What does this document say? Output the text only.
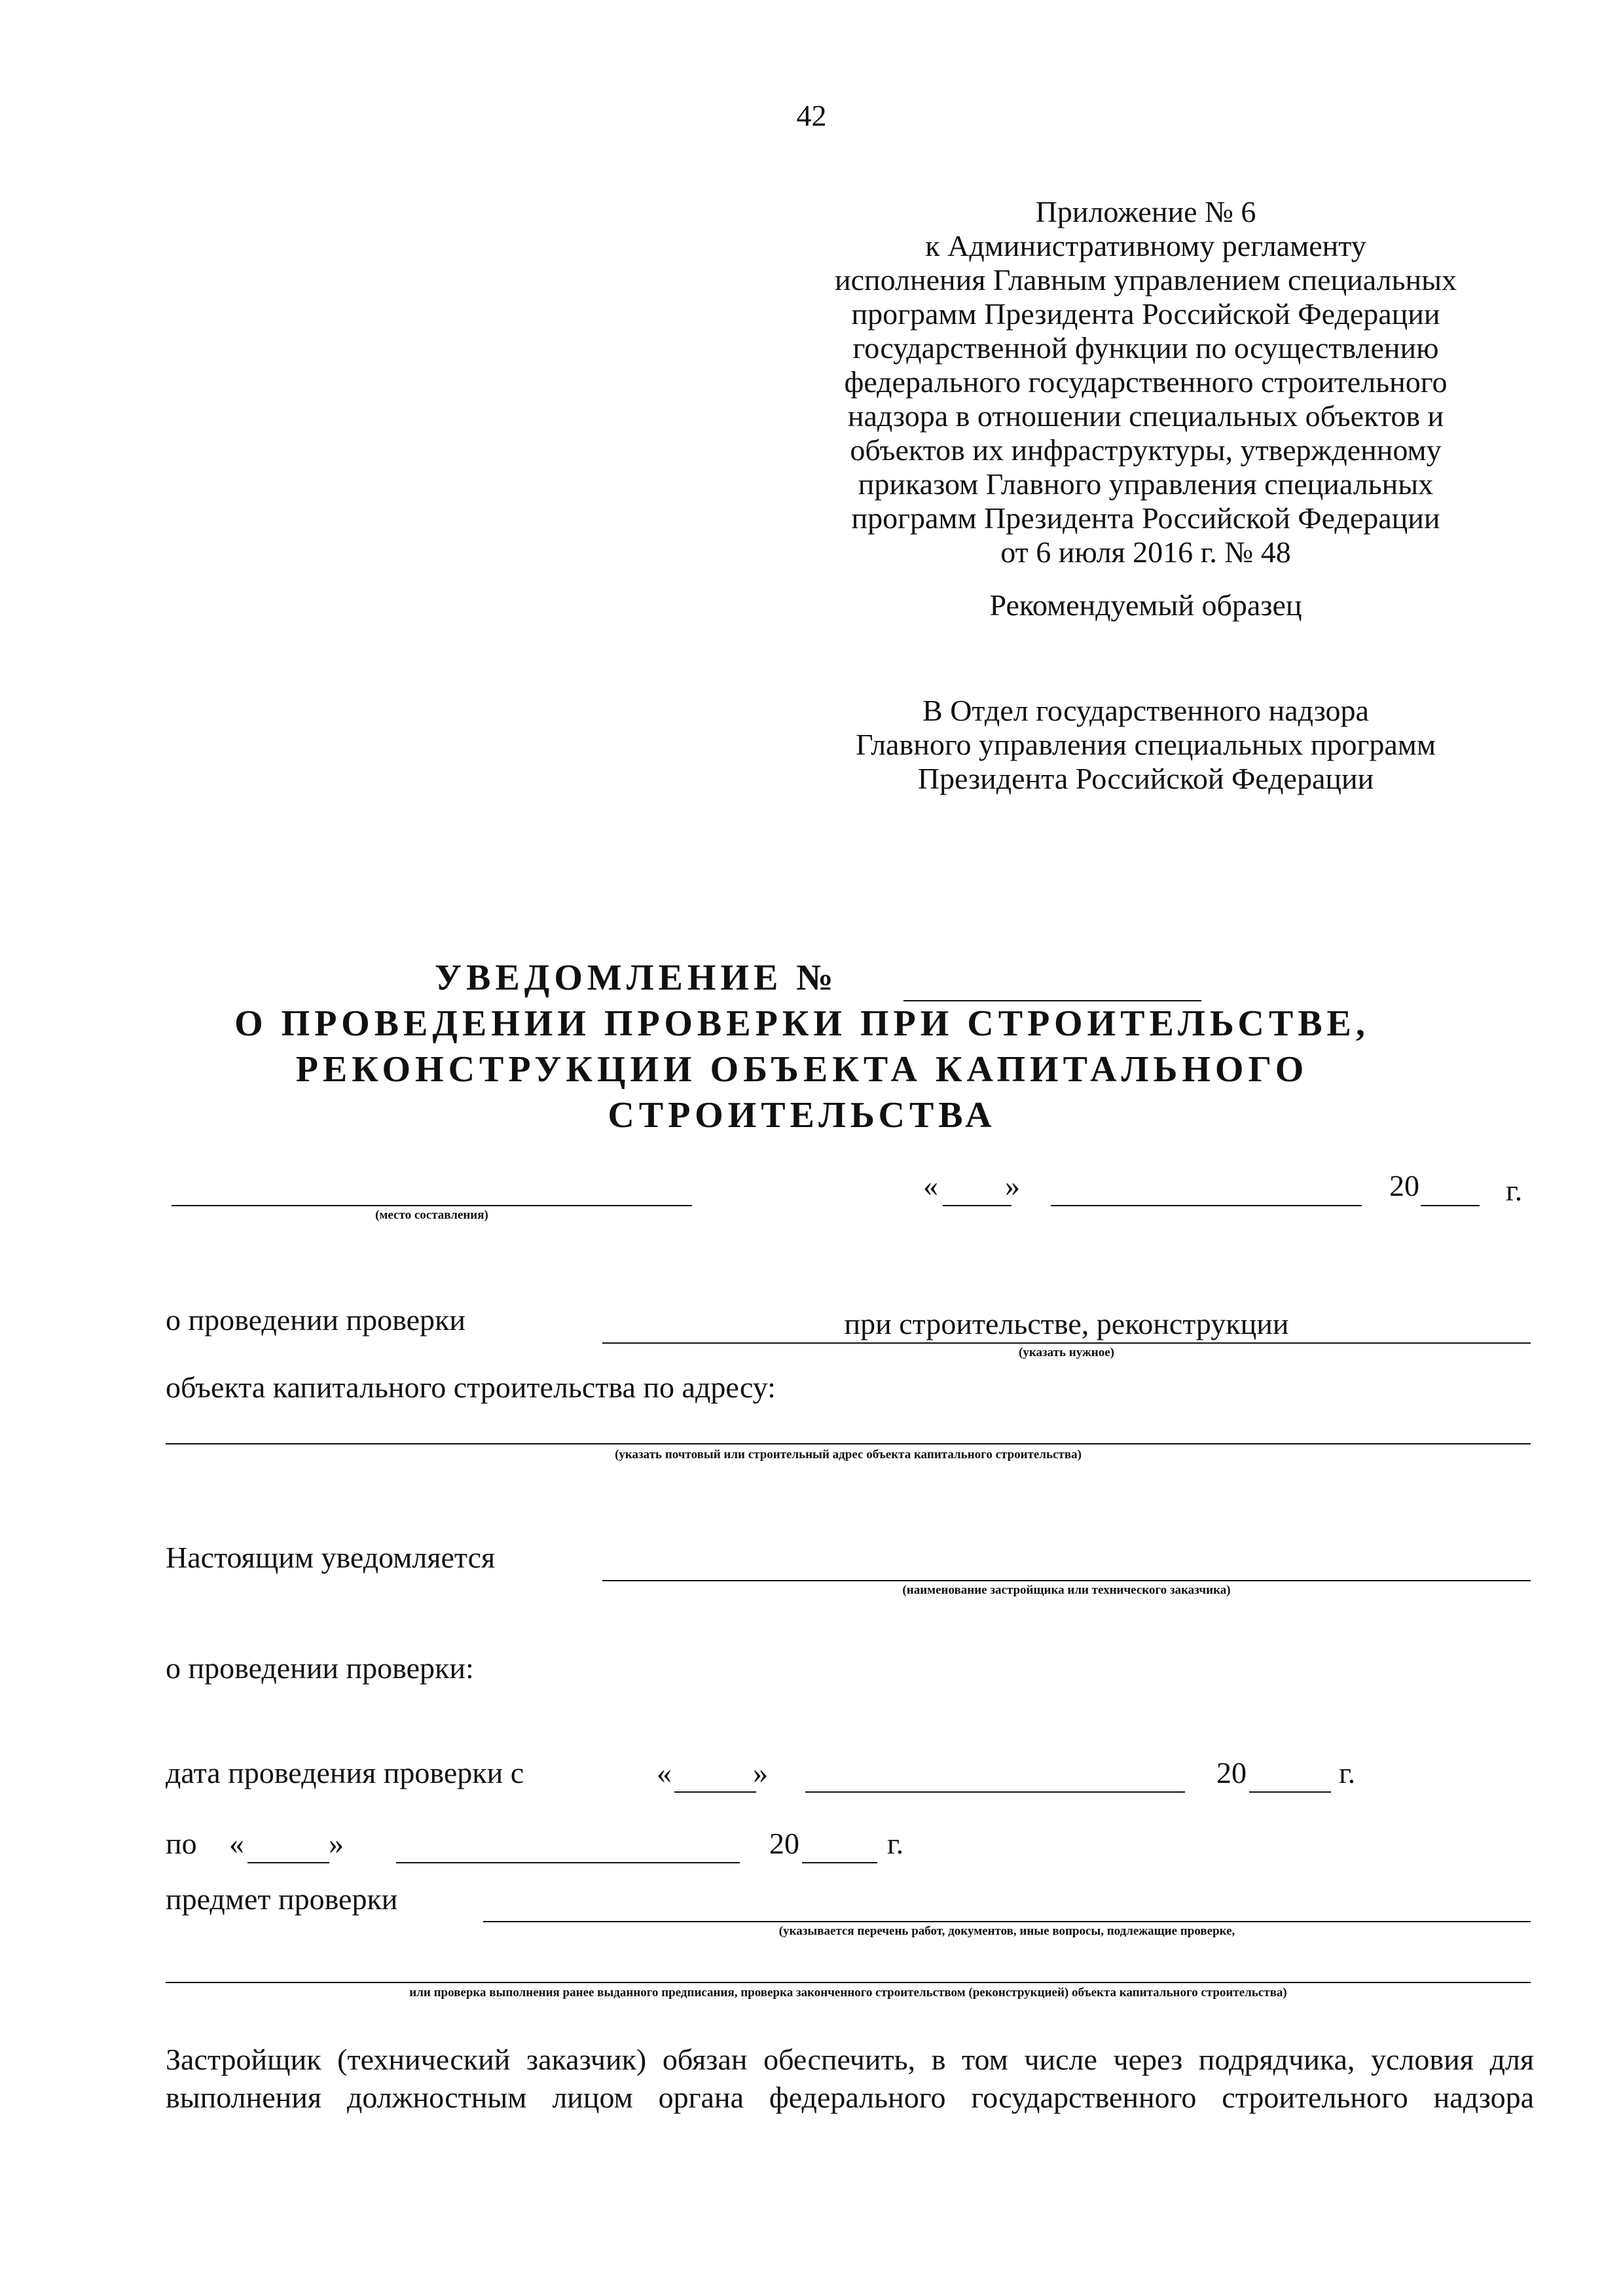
42
Приложение № 6
к Административному регламенту
исполнения Главным управлением специальных
программ Президента Российской Федерации
государственной функции по осуществлению
федерального государственного строительного
надзора в отношении специальных объектов и
объектов их инфраструктуры, утвержденному
приказом Главного управления специальных
программ Президента Российской Федерации
от 6 июля 2016 г. № 48
Рекомендуемый образец
В Отдел государственного надзора
Главного управления специальных программ
Президента Российской Федерации
УВЕДОМЛЕНИЕ №
О ПРОВЕДЕНИИ ПРОВЕРКИ ПРИ СТРОИТЕЛЬСТВЕ,
РЕКОНСТРУКЦИИ ОБЪЕКТА КАПИТАЛЬНОГО
СТРОИТЕЛЬСТВА
(место составления)
« »	20	г.
о проведении проверки	при строительстве, реконструкции
(указать нужное)
объекта капитального строительства по адресу:
(указать почтовый или строительный адрес объекта капитального строительства)
Настоящим уведомляется
(наименование застройщика или технического заказчика)
о проведении проверки:
дата проведения проверки с	«	»	20	г.
по «	»	20	г.
предмет проверки
(указывается перечень работ, документов, иные вопросы, подлежащие проверке,
или проверка выполнения ранее выданного предписания, проверка законченного строительством (реконструкцией) объекта капитального строительства)
Застройщик (технический заказчик) обязан обеспечить, в том числе через подрядчика, условия для
выполнения должностным лицом органа федерального государственного строительного надзора
